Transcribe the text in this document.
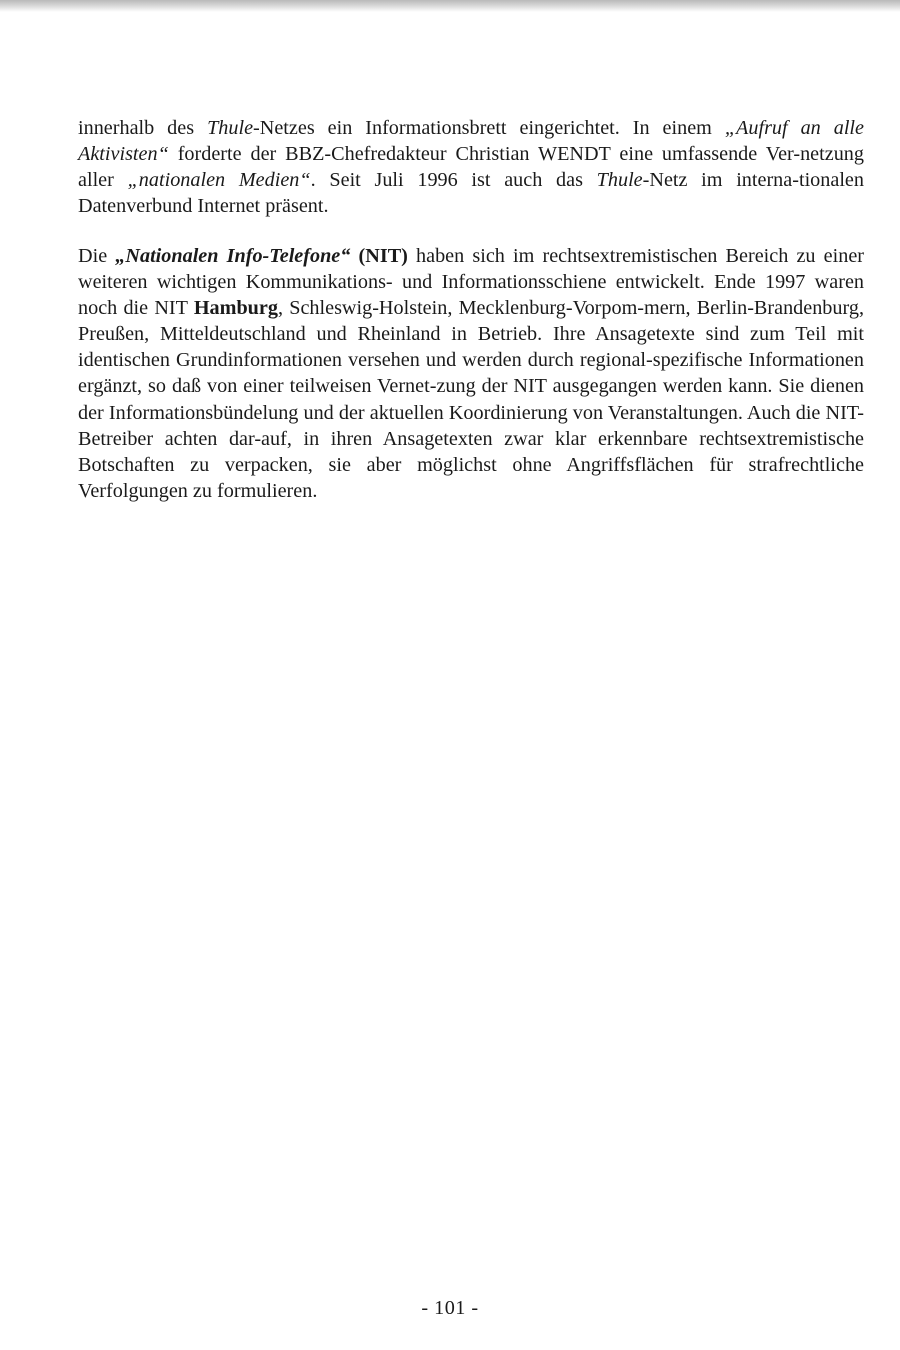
innerhalb des Thule-Netzes ein Informationsbrett eingerichtet. In einem „Aufruf an alle Aktivisten“ forderte der BBZ-Chefredakteur Christian WENDT eine umfassende Ver-netzung aller „nationalen Medien“. Seit Juli 1996 ist auch das Thule-Netz im interna-tionalen Datenverbund Internet präsent.
Die „Nationalen Info-Telefone“ (NIT) haben sich im rechtsextremistischen Bereich zu einer weiteren wichtigen Kommunikations- und Informationsschiene entwickelt. Ende 1997 waren noch die NIT Hamburg, Schleswig-Holstein, Mecklenburg-Vorpom-mern, Berlin-Brandenburg, Preußen, Mitteldeutschland und Rheinland in Betrieb. Ihre Ansagetexte sind zum Teil mit identischen Grundinformationen versehen und werden durch regional-spezifische Informationen ergänzt, so daß von einer teilweisen Vernet-zung der NIT ausgegangen werden kann. Sie dienen der Informationsbündelung und der aktuellen Koordinierung von Veranstaltungen. Auch die NIT-Betreiber achten dar-auf, in ihren Ansagetexten zwar klar erkennbare rechtsextremistische Botschaften zu verpacken, sie aber möglichst ohne Angriffsflächen für strafrechtliche Verfolgungen zu formulieren.
- 101 -
